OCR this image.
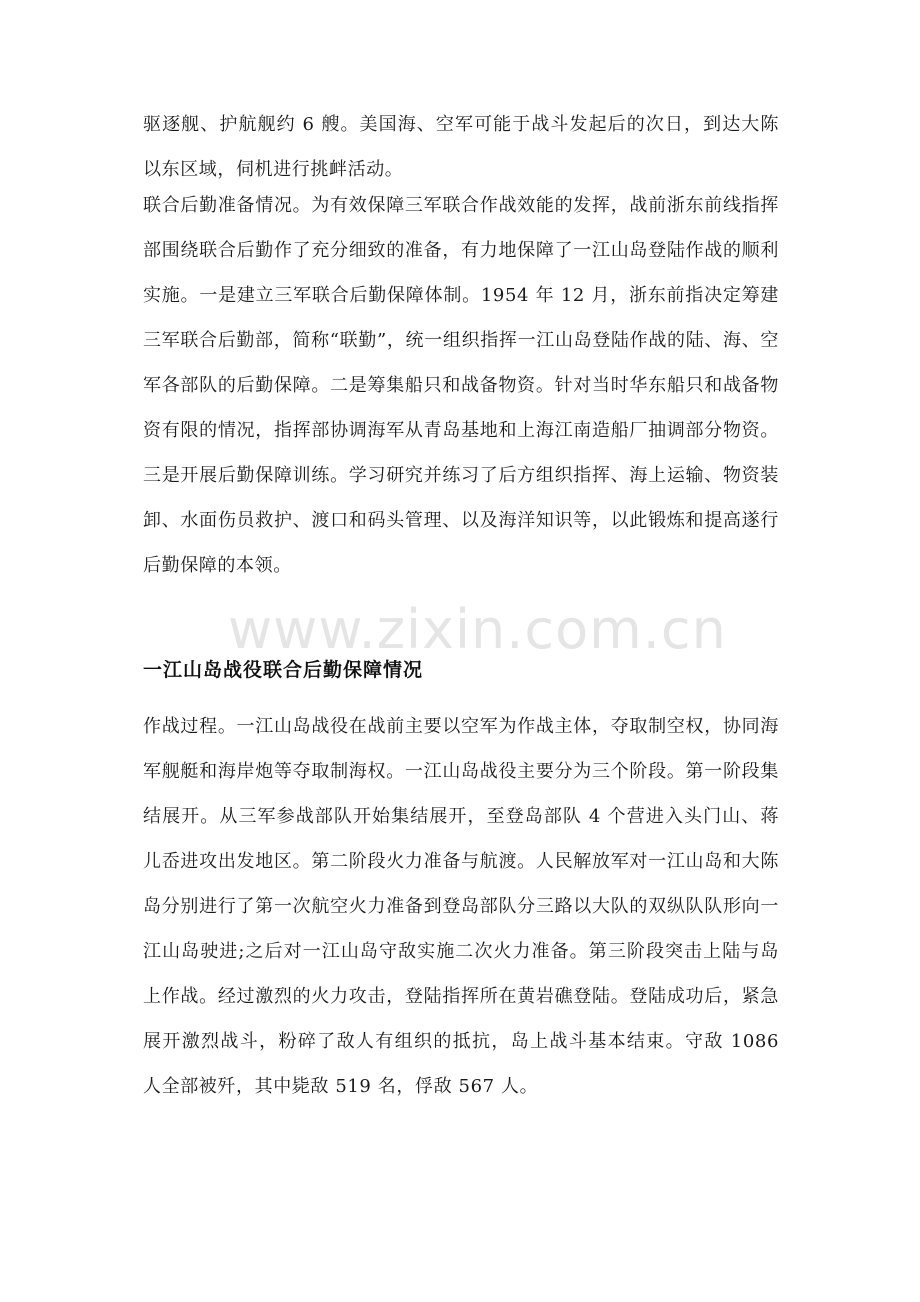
驱逐舰、护航舰约 6 艘。美国海、空军可能于战斗发起后的次日，到达大陈以东区域，伺机进行挑衅活动。

联合后勤准备情况。为有效保障三军联合作战效能的发挥，战前浙东前线指挥部围绕联合后勤作了充分细致的准备，有力地保障了一江山岛登陆作战的顺利实施。一是建立三军联合后勤保障体制。1954 年 12 月，浙东前指决定筹建三军联合后勤部，简称“联勤”，统一组织指挥一江山岛登陆作战的陆、海、空军各部队的后勤保障。二是筹集船只和战备物资。针对当时华东船只和战备物资有限的情况，指挥部协调海军从青岛基地和上海江南造船厂抽调部分物资。三是开展后勤保障训练。学习研究并练习了后方组织指挥、海上运输、物资装卸、水面伤员救护、渡口和码头管理、以及海洋知识等，以此锻炼和提高遂行后勤保障的本领。

www.zixin.com.cn
一江山岛战役联合后勤保障情况

作战过程。一江山岛战役在战前主要以空军为作战主体，夺取制空权，协同海军舰艇和海岸炮等夺取制海权。一江山岛战役主要分为三个阶段。第一阶段集结展开。从三军参战部队开始集结展开，至登岛部队 4 个营进入头门山、蒋儿岙进攻出发地区。第二阶段火力准备与航渡。人民解放军对一江山岛和大陈岛分别进行了第一次航空火力准备到登岛部队分三路以大队的双纵队队形向一江山岛驶进;之后对一江山岛守敌实施二次火力准备。第三阶段突击上陆与岛上作战。经过激烈的火力攻击，登陆指挥所在黄岩礁登陆。登陆成功后，紧急展开激烈战斗，粉碎了敌人有组织的抵抗，岛上战斗基本结束。守敌 1086 人全部被歼，其中毙敌 519 名，俘敌 567 人。
